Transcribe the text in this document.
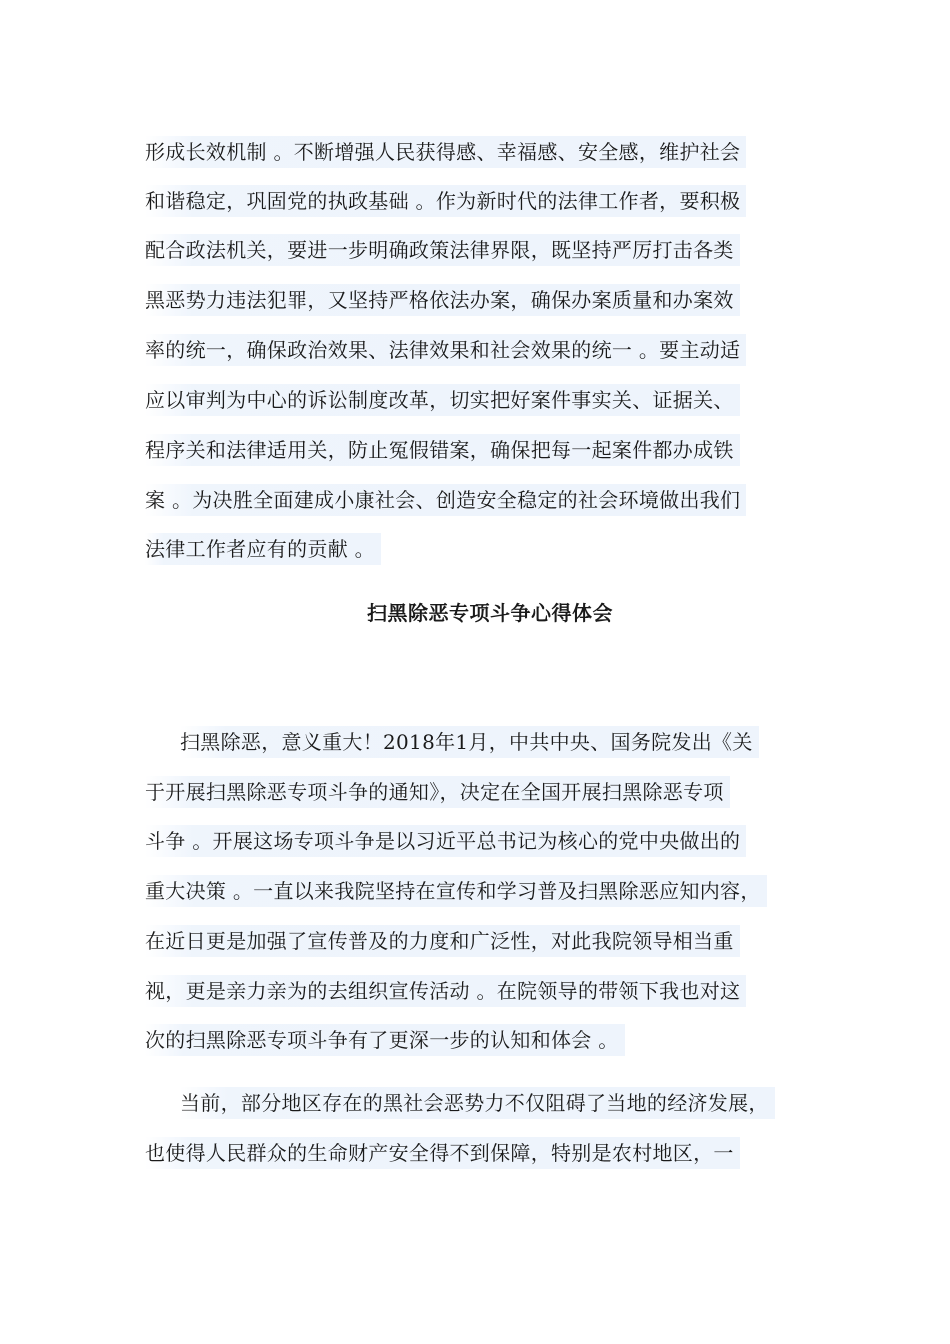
形成长效机制 。不断增强人民获得感、幸福感、安全感，维护社会
和谐稳定，巩固党的执政基础 。作为新时代的法律工作者，要积极
配合政法机关，要进一步明确政策法律界限，既坚持严厉打击各类
黑恶势力违法犯罪，又坚持严格依法办案，确保办案质量和办案效
率的统一，确保政治效果、法律效果和社会效果的统一 。要主动适
应以审判为中心的诉讼制度改革，切实把好案件事实关、证据关、
程序关和法律适用关，防止冤假错案，确保把每一起案件都办成铁
案 。为决胜全面建成小康社会、创造安全稳定的社会环境做出我们
法律工作者应有的贡献 。
扫黑除恶专项斗争心得体会
扫黑除恶，意义重大！2018年1月，中共中央、国务院发出《关
于开展扫黑除恶专项斗争的通知》，决定在全国开展扫黑除恶专项
斗争 。开展这场专项斗争是以习近平总书记为核心的党中央做出的
重大决策 。一直以来我院坚持在宣传和学习普及扫黑除恶应知内容，
在近日更是加强了宣传普及的力度和广泛性，对此我院领导相当重
视，更是亲力亲为的去组织宣传活动 。在院领导的带领下我也对这
次的扫黑除恶专项斗争有了更深一步的认知和体会 。
当前，部分地区存在的黑社会恶势力不仅阻碍了当地的经济发展，
也使得人民群众的生命财产安全得不到保障，特别是农村地区，一
